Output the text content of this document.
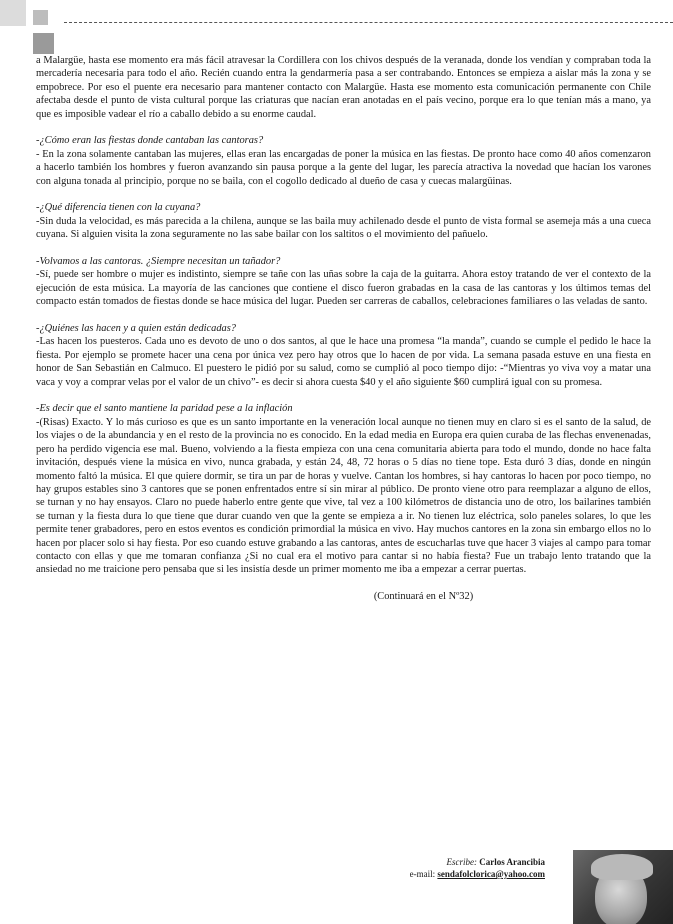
a Malargüe, hasta ese momento era más fácil atravesar la Cordillera con los chivos después de la veranada, donde los vendían y compraban toda la mercadería necesaria para todo el año. Recién cuando entra la gendarmería pasa a ser contrabando. Entonces se empieza a aislar más la zona y se empobrece. Por eso el puente era necesario para mantener contacto con Malargüe. Hasta ese momento esta comunicación permanente con Chile afectaba desde el punto de vista cultural porque las criaturas que nacían eran anotadas en el país vecino, porque era lo que tenían más a mano, ya que es imposible vadear el río a caballo debido a su enorme caudal.

-¿Cómo eran las fiestas donde cantaban las cantoras?
- En la zona solamente cantaban las mujeres, ellas eran las encargadas de poner la música en las fiestas. De pronto hace como 40 años comenzaron a hacerlo también los hombres y fueron avanzando sin pausa porque a la gente del lugar, les parecía atractiva la novedad que hacían los varones con alguna tonada al principio, porque no se baila, con el cogollo dedicado al dueño de casa y cuecas malargüinas.

-¿Qué diferencia tienen con la cuyana?
-Sin duda la velocidad, es más parecida a la chilena, aunque se las baila muy achilenado desde el punto de vista formal se asemeja más a una cueca cuyana. Si alguien visita la zona seguramente no las sabe bailar con los saltitos o el movimiento del pañuelo.

-Volvamos a las cantoras. ¿Siempre necesitan un tañador?
-Sí, puede ser hombre o mujer es indistinto, siempre se tañe con las uñas sobre la caja de la guitarra. Ahora estoy tratando de ver el contexto de la ejecución de esta música. La mayoría de las canciones que contiene el disco fueron grabadas en la casa de las cantoras y los últimos temas del compacto están tomados de fiestas donde se hace música del lugar. Pueden ser carreras de caballos, celebraciones familiares o las veladas de santo.

-¿Quiénes las hacen y a quien están dedicadas?
-Las hacen los puesteros. Cada uno es devoto de uno o dos santos, al que le hace una promesa “la manda”, cuando se cumple el pedido le hace la fiesta. Por ejemplo se promete hacer una cena por única vez pero hay otros que lo hacen de por vida. La semana pasada estuve en una fiesta en honor de San Sebastián en Calmuco. El puestero le pidió por su salud, como se cumplió al poco tiempo dijo: -“Mientras yo viva voy a matar una vaca y voy a comprar velas por el valor de un chivo”- es decir si ahora cuesta $40 y el año siguiente $60 cumplirá igual con su promesa.

-Es decir que el santo mantiene la paridad pese a la inflación
-(Risas) Exacto. Y lo más curioso es que es un santo importante en la veneración local aunque no tienen muy en claro si es el santo de la salud, de los viajes o de la abundancia y en el resto de la provincia no es conocido. En la edad media en Europa era quien curaba de las flechas envenenadas, pero ha perdido vigencia ese mal. Bueno, volviendo a la fiesta empieza con una cena comunitaria abierta para todo el mundo, donde no hace falta invitación, después viene la música en vivo, nunca grabada, y están 24, 48, 72 horas o 5 días no tiene tope. Esta duró 3 días, donde en ningún momento faltó la música. El que quiere dormir, se tira un par de horas y vuelve. Cantan los hombres, si hay cantoras lo hacen por poco tiempo, no hay grupos estables sino 3 cantores que se ponen enfrentados entre sí sin mirar al público. De pronto viene otro para reemplazar a alguno de ellos, se turnan y no hay ensayos. Claro no puede haberlo entre gente que vive, tal vez a 100 kilómetros de distancia uno de otro, los bailarines también se turnan y la fiesta dura lo que tiene que durar cuando ven que la gente se empieza a ir. No tienen luz eléctrica, solo paneles solares, lo que les permite tener grabadores, pero en estos eventos es condición primordial la música en vivo. Hay muchos cantores en la zona sin embargo ellos no lo hacen por placer solo si hay fiesta. Por eso cuando estuve grabando a las cantoras, antes de escucharlas tuve que hacer 3 viajes al campo para tomar contacto con ellas y que me tomaran confianza ¿Si no cual era el motivo para cantar si no había fiesta? Fue un trabajo lento tratando que la ansiedad no me traicione pero pensaba que si les insistía desde un primer momento me iba a empezar a cerrar puertas.

(Continuará en el Nº32)
Escribe: Carlos Arancibia
e-mail: sendafolclorica@yahoo.com
